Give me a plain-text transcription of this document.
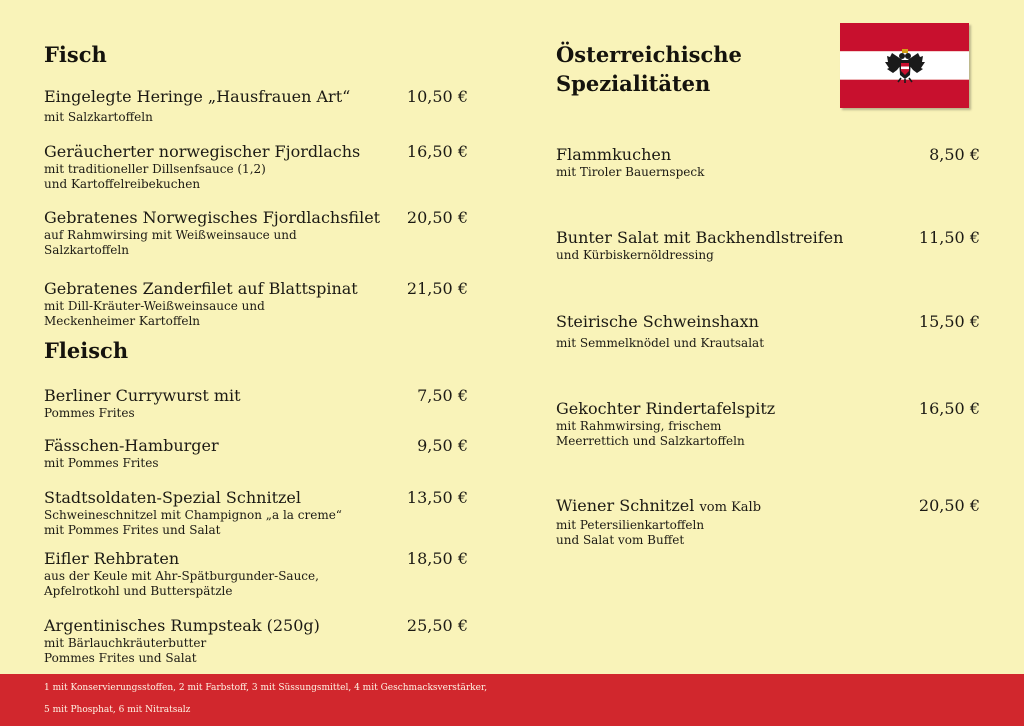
Fisch
Eingelegte Heringe „Hausfrauen Art“
mit Salzkartoffeln
10,50 €
Geräucherter norwegischer Fjordlachs
mit traditioneller Dillsenfsauce (1,2)
und Kartoffelreibekuchen
16,50 €
Gebratenes Norwegisches Fjordlachsfilet
auf Rahmwirsing mit Weißweinsauce und
Salzkartoffeln
20,50 €
Gebratenes Zanderfilet auf Blattspinat
mit Dill-Kräuter-Weißweinsauce und
Meckenheimer Kartoffeln
21,50 €
Fleisch
Berliner Currywurst mit
Pommes Frites
7,50 €
Fässchen-Hamburger
mit Pommes Frites
9,50 €
Stadtsoldaten-Spezial Schnitzel
Schweineschnitzel mit Champignon „a la creme“
mit Pommes Frites und Salat
13,50 €
Eifler Rehbraten
aus der Keule mit Ahr-Spätburgunder-Sauce,
Apfelrotkohl und Butterspätzle
18,50 €
Argentinisches Rumpsteak (250g)
mit Bärlauchkräuterbutter
Pommes Frites und Salat
25,50 €
Österreichische
Spezialitäten
Flammkuchen
mit Tiroler Bauernspeck
8,50 €
Bunter Salat mit Backhendlstreifen
und Kürbiskernöldressing
11,50 €
Steirische Schweinshaxn
mit Semmelknödel und Krautsalat
15,50 €
Gekochter Rindertafelspitz
mit Rahmwirsing, frischem
Meerrettich und Salzkartoffeln
16,50 €
Wiener Schnitzel vom Kalb
mit Petersilienkartoffeln
und Salat vom Buffet
20,50 €
1 mit Konservierungsstoffen, 2 mit Farbstoff, 3 mit Süssungsmittel, 4 mit Geschmacksverstärker,
5 mit Phosphat, 6 mit Nitratsalz
